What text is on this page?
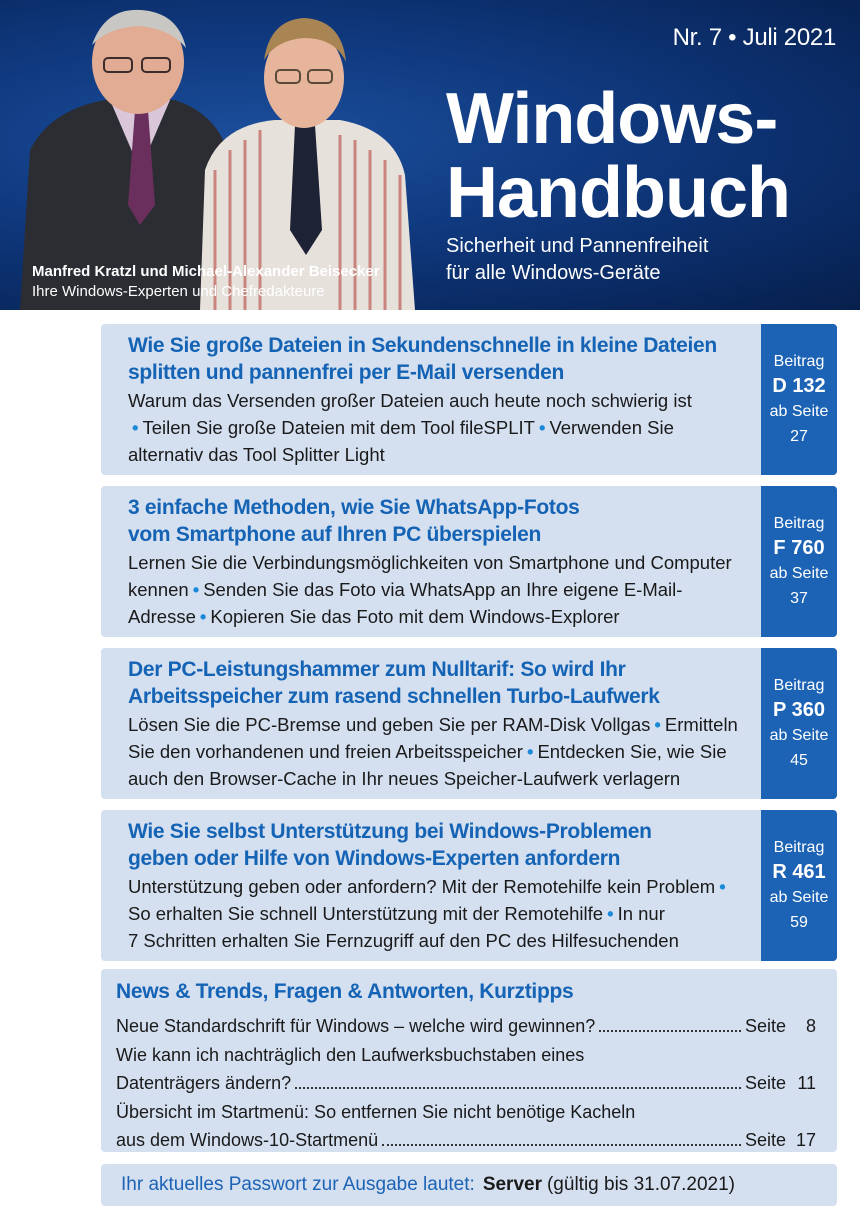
Manfred Kratzl und Michael-Alexander Beisecker
Ihre Windows-Experten und Chefredakteure
Nr. 7 • Juli 2021
Windows-
Handbuch
Sicherheit und Pannenfreiheit
für alle Windows-Geräte
Wie Sie große Dateien in Sekundenschnelle in kleine Dateien
splitten und pannenfrei per E-Mail versenden
Warum das Versenden großer Dateien auch heute noch schwierig ist
• Teilen Sie große Dateien mit dem Tool fileSPLIT • Verwenden Sie
alternativ das Tool Splitter Light
Beitrag
D 132
ab Seite
27
3 einfache Methoden, wie Sie WhatsApp-Fotos
vom Smartphone auf Ihren PC überspielen
Lernen Sie die Verbindungsmöglichkeiten von Smartphone und Computer
kennen • Senden Sie das Foto via WhatsApp an Ihre eigene E-Mail-
Adresse • Kopieren Sie das Foto mit dem Windows-Explorer
Beitrag
F 760
ab Seite
37
Der PC-Leistungshammer zum Nulltarif: So wird Ihr
Arbeitsspeicher zum rasend schnellen Turbo-Laufwerk
Lösen Sie die PC-Bremse und geben Sie per RAM-Disk Vollgas • Ermitteln
Sie den vorhandenen und freien Arbeitsspeicher • Entdecken Sie, wie Sie
auch den Browser-Cache in Ihr neues Speicher-Laufwerk verlagern
Beitrag
P 360
ab Seite
45
Wie Sie selbst Unterstützung bei Windows-Problemen
geben oder Hilfe von Windows-Experten anfordern
Unterstützung geben oder anfordern? Mit der Remotehilfe kein Problem •
So erhalten Sie schnell Unterstützung mit der Remotehilfe • In nur
7 Schritten erhalten Sie Fernzugriff auf den PC des Hilfesuchenden
Beitrag
R 461
ab Seite
59
News & Trends, Fragen & Antworten, Kurztipps
Neue Standardschrift für Windows – welche wird gewinnen?	Seite	8
Wie kann ich nachträglich den Laufwerksbuchstaben eines
Datenträgers ändern?	Seite 11
Übersicht im Startmenü: So entfernen Sie nicht benötige Kacheln
aus dem Windows-10-Startmenü	Seite 17
Ihr aktuelles Passwort zur Ausgabe lautet: Server (gültig bis 31.07.2021)
